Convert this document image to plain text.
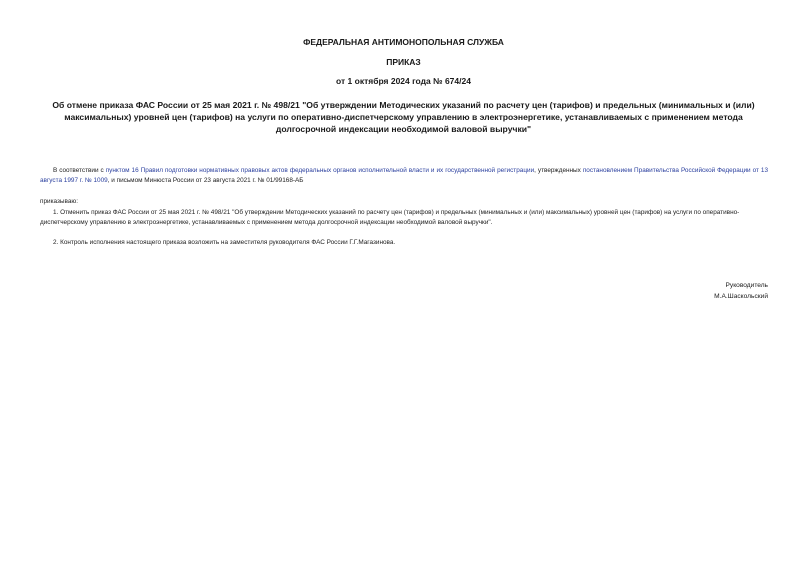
ФЕДЕРАЛЬНАЯ АНТИМОНОПОЛЬНАЯ СЛУЖБА
ПРИКАЗ
от 1 октября 2024 года № 674/24
Об отмене приказа ФАС России от 25 мая 2021 г. № 498/21 "Об утверждении Методических указаний по расчету цен (тарифов) и предельных (минимальных и (или)
максимальных) уровней цен (тарифов) на услуги по оперативно-диспетчерскому управлению в электроэнергетике, устанавливаемых с применением метода
долгосрочной индексации необходимой валовой выручки"
В соответствии с пунктом 16 Правил подготовки нормативных правовых актов федеральных органов исполнительной власти и их государственной регистрации, утвержденных постановлением Правительства Российской Федерации от 13 августа 1997 г. № 1009, и письмом Минюста России от 23 августа 2021 г. № 01/99168-АБ
приказываю:
1. Отменить приказ ФАС России от 25 мая 2021 г. № 498/21 "Об утверждении Методических указаний по расчету цен (тарифов) и предельных (минимальных и (или) максимальных) уровней цен (тарифов) на услуги по оперативно-диспетчерскому управлению в электроэнергетике, устанавливаемых с применением метода долгосрочной индексации необходимой валовой выручки".
2. Контроль исполнения настоящего приказа возложить на заместителя руководителя ФАС России Г.Г.Магазинова.
Руководитель
М.А.Шаскольский
